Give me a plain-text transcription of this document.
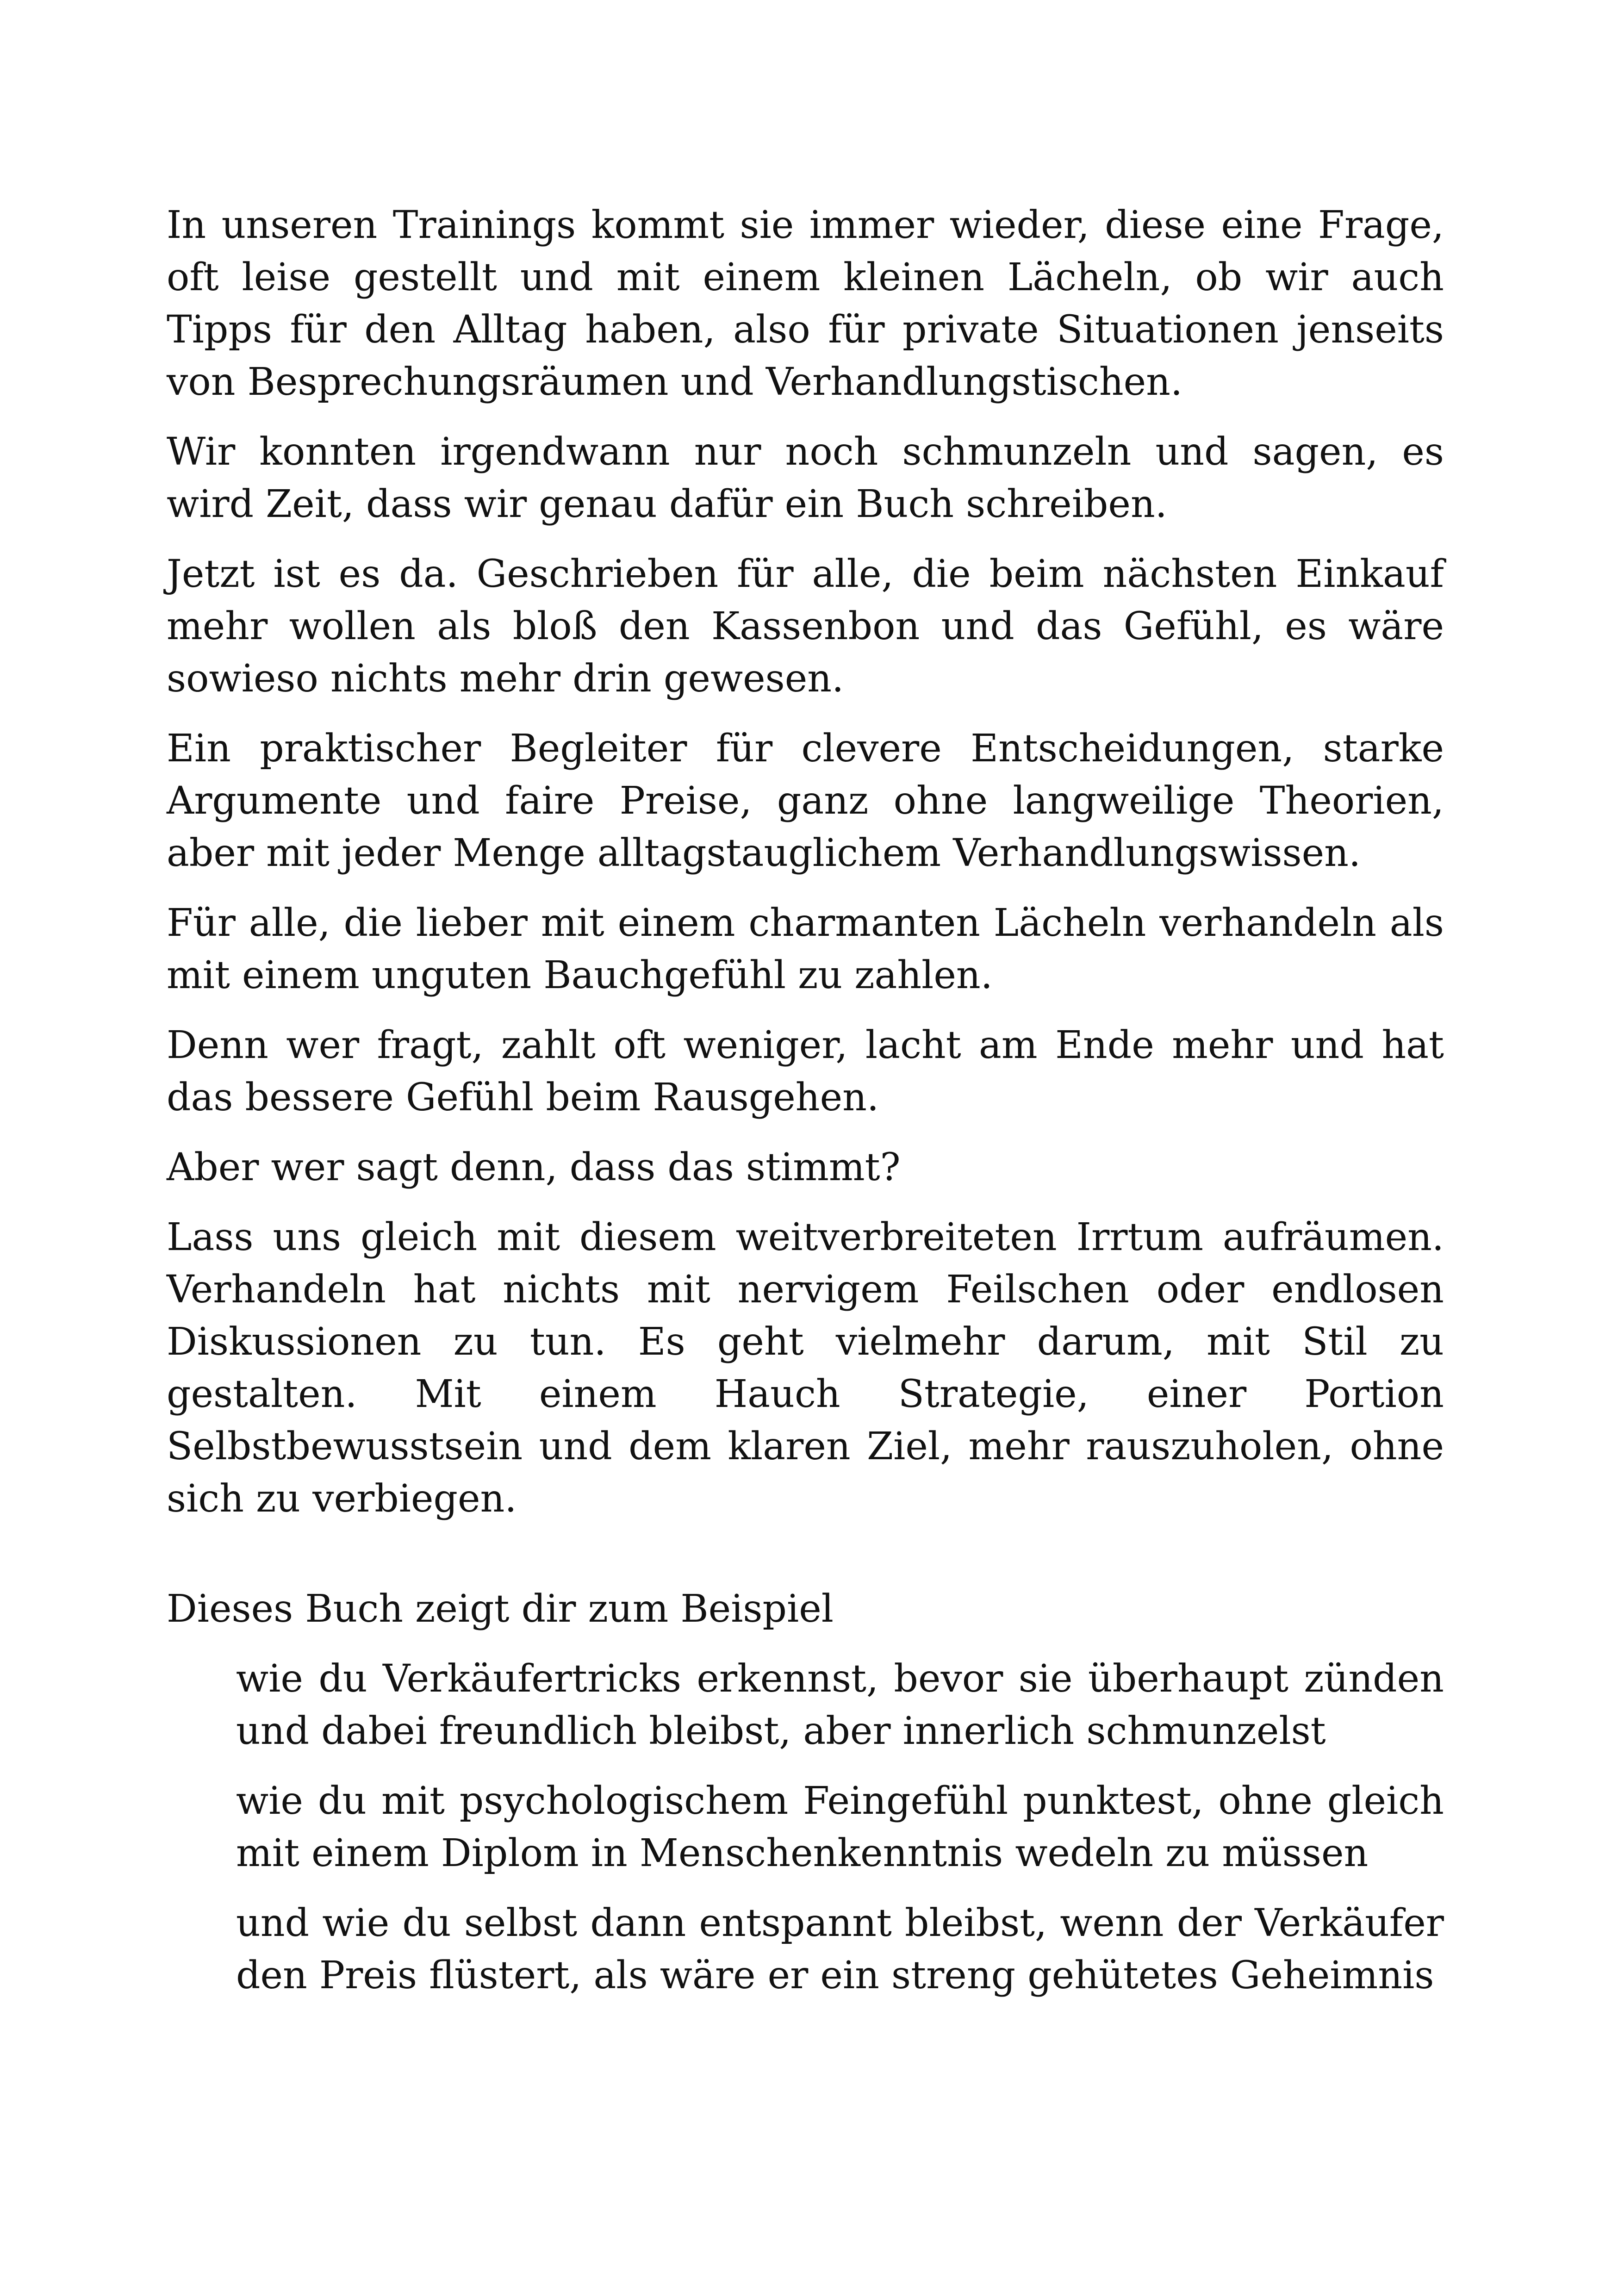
In unseren Trainings kommt sie immer wieder, diese eine Frage, oft leise gestellt und mit einem kleinen Lächeln, ob wir auch Tipps für den Alltag haben, also für private Situationen jenseits von Besprechungsräumen und Verhandlungstischen.

Wir konnten irgendwann nur noch schmunzeln und sagen, es wird Zeit, dass wir genau dafür ein Buch schreiben.

Jetzt ist es da. Geschrieben für alle, die beim nächsten Einkauf mehr wollen als bloß den Kassenbon und das Gefühl, es wäre sowieso nichts mehr drin gewesen.

Ein praktischer Begleiter für clevere Entscheidungen, starke Argumente und faire Preise, ganz ohne langweilige Theorien, aber mit jeder Menge alltagstauglichem Verhandlungswissen.

Für alle, die lieber mit einem charmanten Lächeln verhandeln als mit einem unguten Bauchgefühl zu zahlen.

Denn wer fragt, zahlt oft weniger, lacht am Ende mehr und hat das bessere Gefühl beim Rausgehen.

Aber wer sagt denn, dass das stimmt?

Lass uns gleich mit diesem weitverbreiteten Irrtum aufräumen. Verhandeln hat nichts mit nervigem Feilschen oder endlosen Diskussionen zu tun. Es geht vielmehr darum, mit Stil zu gestalten. Mit einem Hauch Strategie, einer Portion Selbstbewusstsein und dem klaren Ziel, mehr rauszuholen, ohne sich zu verbiegen.

Dieses Buch zeigt dir zum Beispiel

wie du Verkäufertricks erkennst, bevor sie überhaupt zünden und dabei freundlich bleibst, aber innerlich schmunzelst
wie du mit psychologischem Feingefühl punktest, ohne gleich mit einem Diplom in Menschenkenntnis wedeln zu müssen
und wie du selbst dann entspannt bleibst, wenn der Verkäufer den Preis flüstert, als wäre er ein streng gehütetes Geheimnis
